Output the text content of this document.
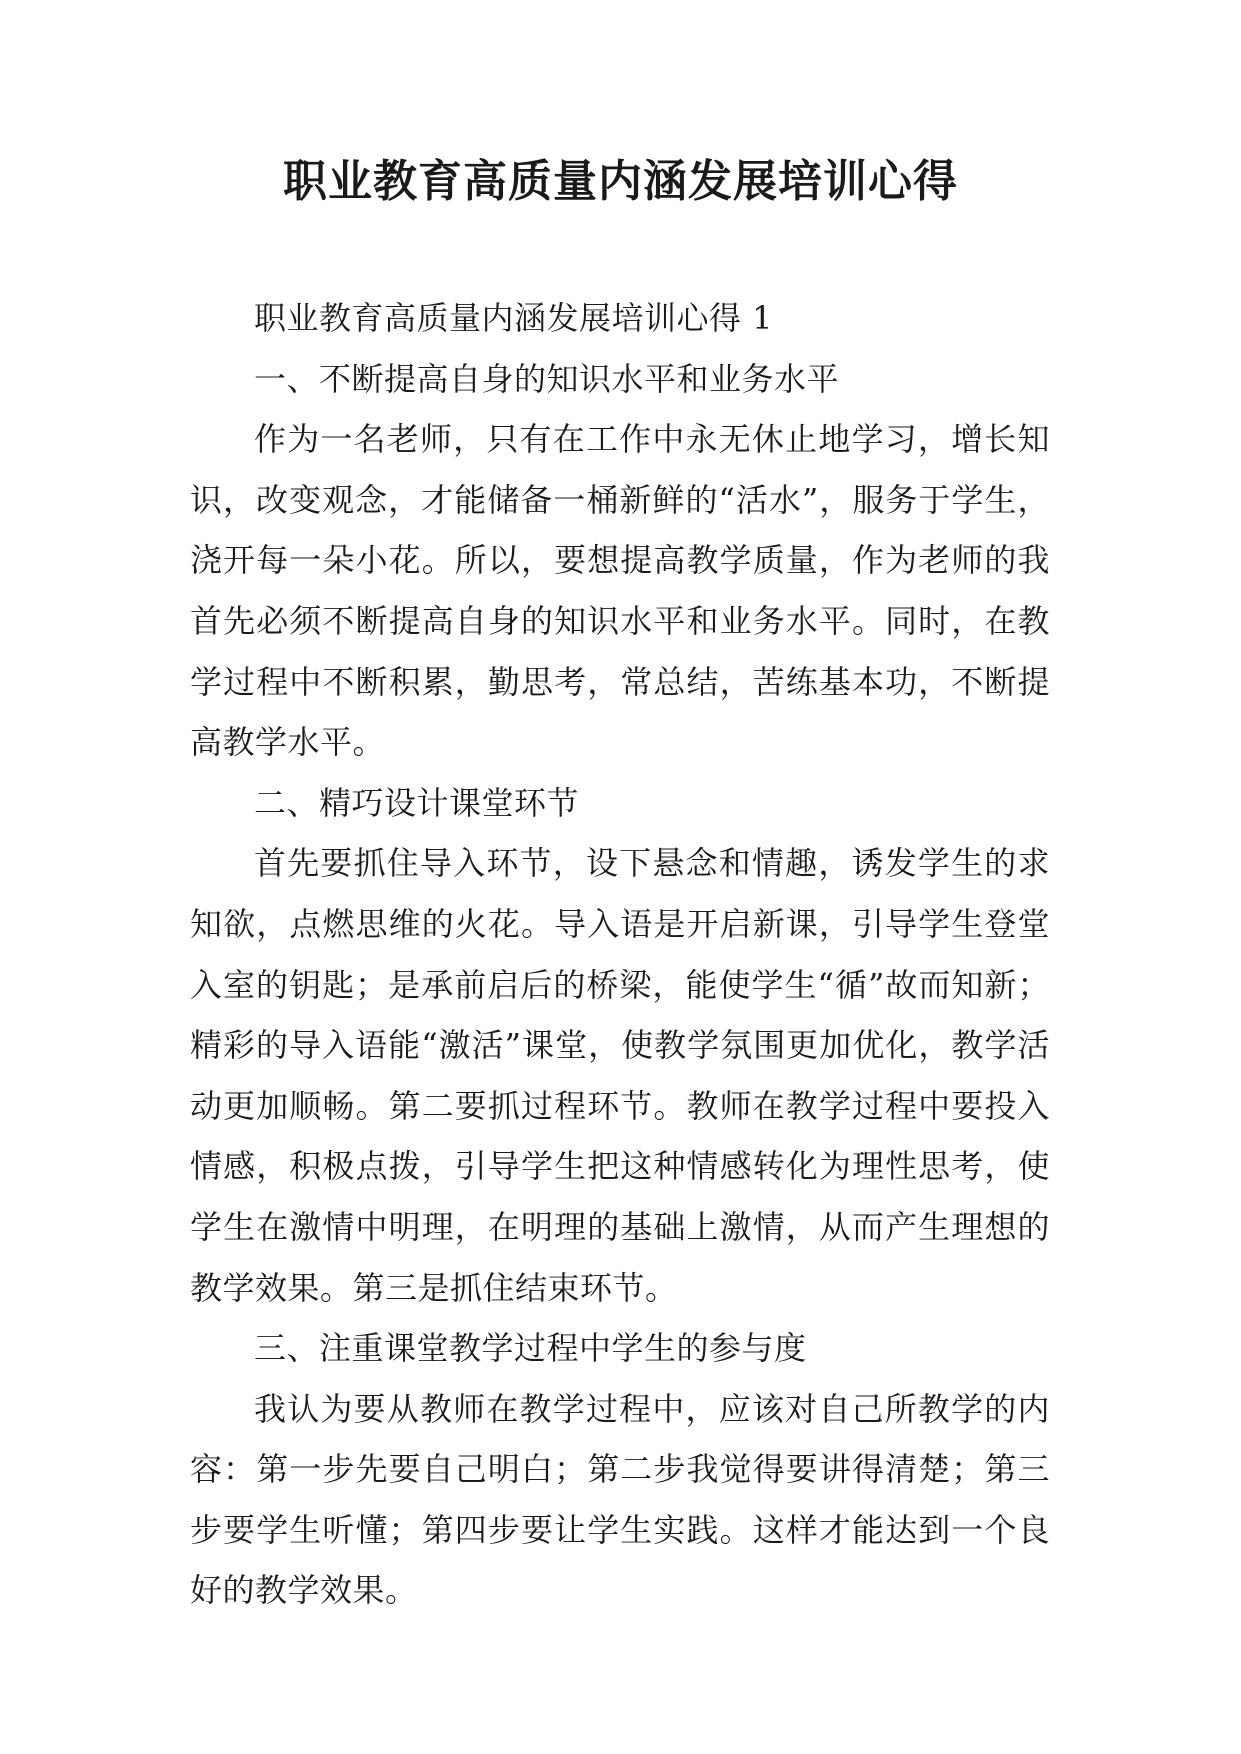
职业教育高质量内涵发展培训心得

职业教育高质量内涵发展培训心得 1

一、不断提高自身的知识水平和业务水平

作为一名老师，只有在工作中永无休止地学习，增长知识，改变观念，才能储备一桶新鲜的“活水”，服务于学生，浇开每一朵小花。所以，要想提高教学质量，作为老师的我首先必须不断提高自身的知识水平和业务水平。同时，在教学过程中不断积累，勤思考，常总结，苦练基本功，不断提高教学水平。

二、精巧设计课堂环节

首先要抓住导入环节，设下悬念和情趣，诱发学生的求知欲，点燃思维的火花。导入语是开启新课，引导学生登堂入室的钥匙；是承前启后的桥梁，能使学生“循”故而知新；精彩的导入语能“激活”课堂，使教学氛围更加优化，教学活动更加顺畅。第二要抓过程环节。教师在教学过程中要投入情感，积极点拨，引导学生把这种情感转化为理性思考，使学生在激情中明理，在明理的基础上激情，从而产生理想的教学效果。第三是抓住结束环节。

三、注重课堂教学过程中学生的参与度

我认为要从教师在教学过程中，应该对自己所教学的内容：第一步先要自己明白；第二步我觉得要讲得清楚；第三步要学生听懂；第四步要让学生实践。这样才能达到一个良好的教学效果。
